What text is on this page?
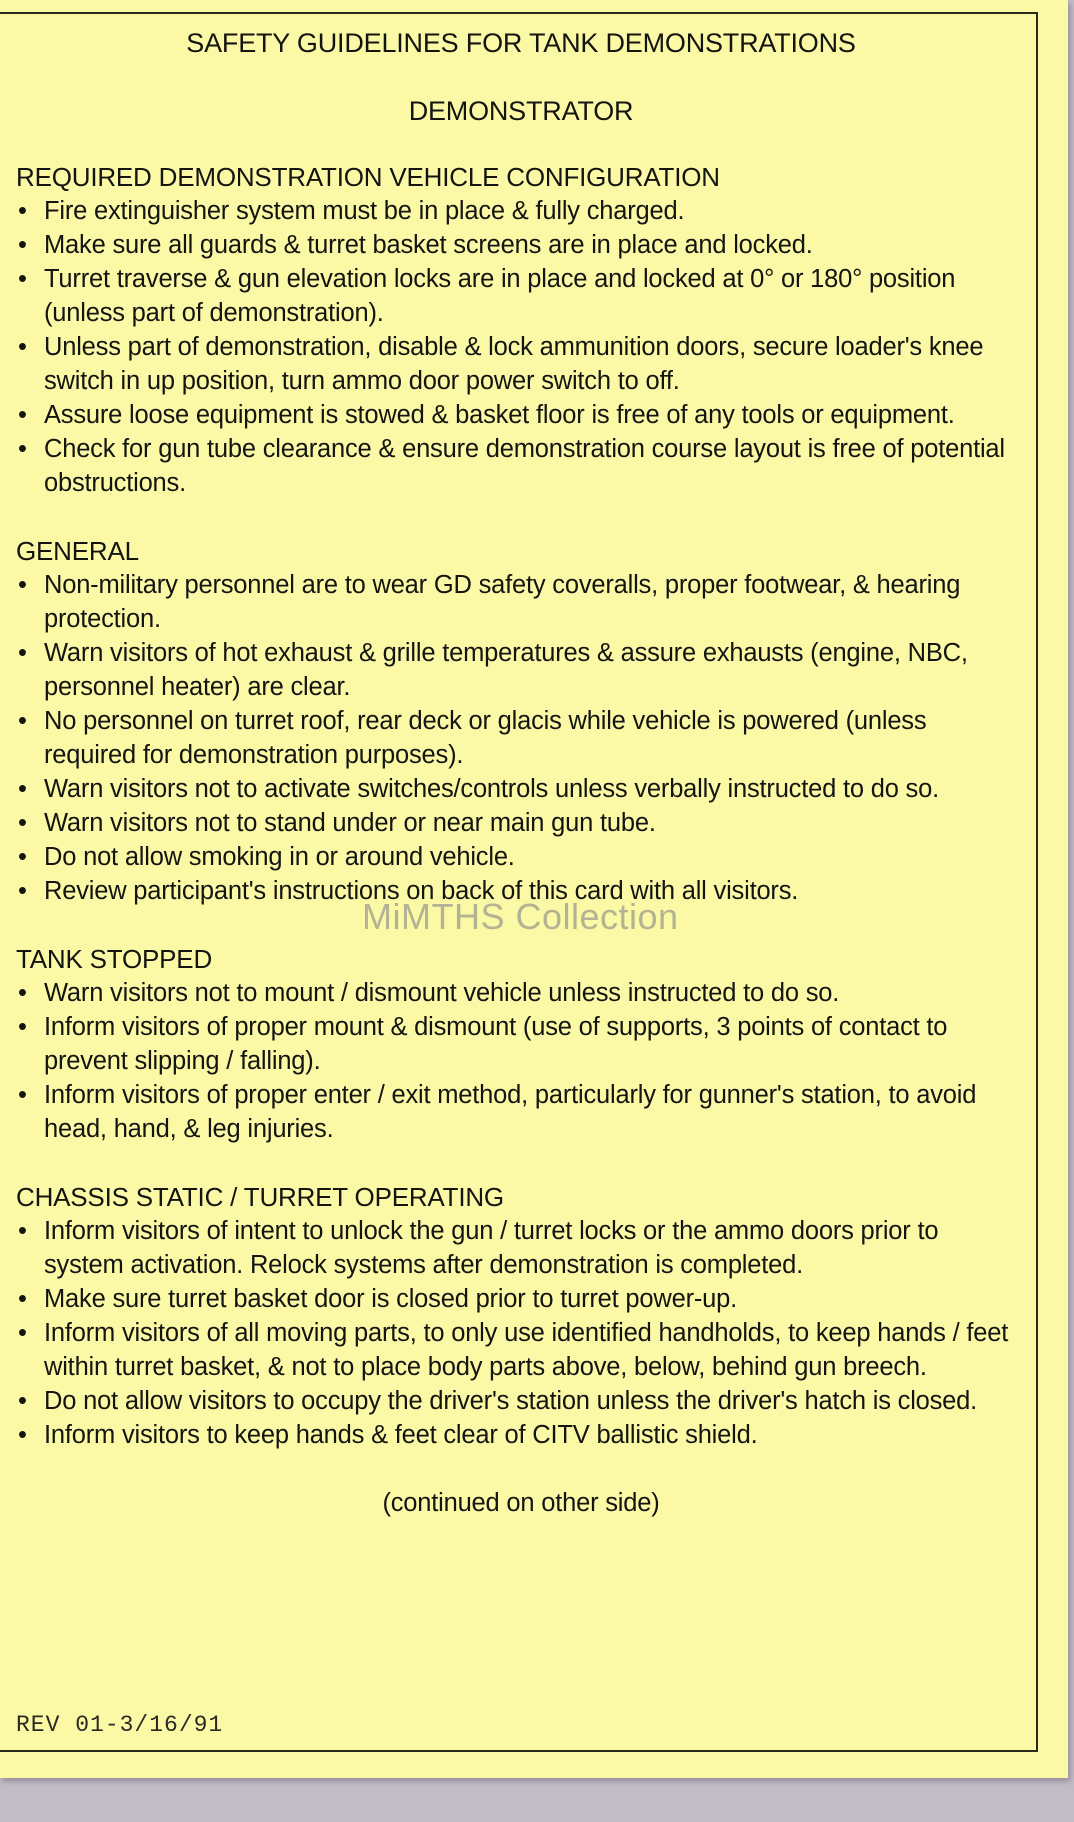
SAFETY GUIDELINES FOR TANK DEMONSTRATIONS
DEMONSTRATOR
REQUIRED DEMONSTRATION VEHICLE CONFIGURATION
• Fire extinguisher system must be in place & fully charged.
• Make sure all guards & turret basket screens are in place and locked.
• Turret traverse & gun elevation locks are in place and locked at 0° or 180° position (unless part of demonstration).
• Unless part of demonstration, disable & lock ammunition doors, secure loader's knee switch in up position, turn ammo door power switch to off.
• Assure loose equipment is stowed & basket floor is free of any tools or equipment.
• Check for gun tube clearance & ensure demonstration course layout is free of potential obstructions.
GENERAL
• Non-military personnel are to wear GD safety coveralls, proper footwear, & hearing protection.
• Warn visitors of hot exhaust & grille temperatures & assure exhausts (engine, NBC, personnel heater) are clear.
• No personnel on turret roof, rear deck or glacis while vehicle is powered (unless required for demonstration purposes).
• Warn visitors not to activate switches/controls unless verbally instructed to do so.
• Warn visitors not to stand under or near main gun tube.
• Do not allow smoking in or around vehicle.
• Review participant's instructions on back of this card with all visitors.
TANK STOPPED
• Warn visitors not to mount / dismount vehicle unless instructed to do so.
• Inform visitors of proper mount & dismount (use of supports, 3 points of contact to prevent slipping / falling).
• Inform visitors of proper enter / exit method, particularly for gunner's station, to avoid head, hand, & leg injuries.
CHASSIS STATIC / TURRET OPERATING
• Inform visitors of intent to unlock the gun / turret locks or the ammo doors prior to system activation. Relock systems after demonstration is completed.
• Make sure turret basket door is closed prior to turret power-up.
• Inform visitors of all moving parts, to only use identified handholds, to keep hands / feet within turret basket, & not to place body parts above, below, behind gun breech.
• Do not allow visitors to occupy the driver's station unless the driver's hatch is closed.
• Inform visitors to keep hands & feet clear of CITV ballistic shield.
(continued on other side)
REV 01-3/16/91
MiMTHS Collection
